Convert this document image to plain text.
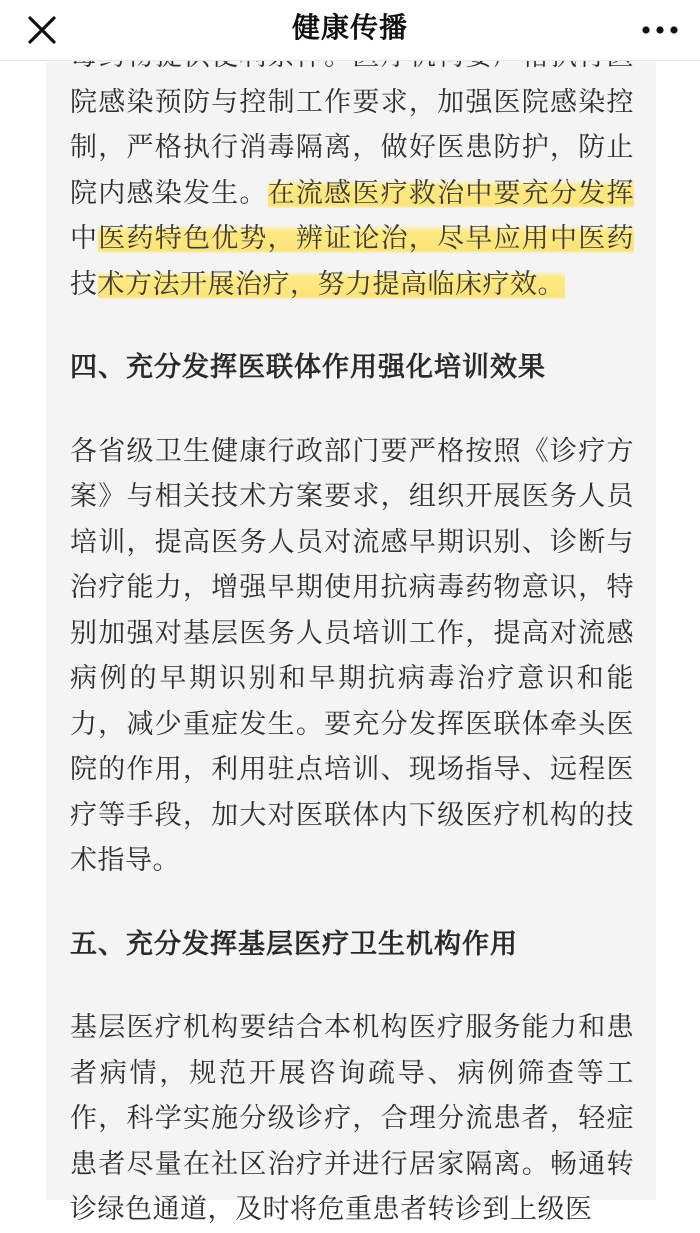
健康传播

院感染预防与控制工作要求，加强医院感染控制，严格执行消毒隔离，做好医患防护，防止院内感染发生。在流感医疗救治中要充分发挥中医药特色优势，辨证论治，尽早应用中医药技术方法开展治疗，努力提高临床疗效。

四、充分发挥医联体作用强化培训效果

各省级卫生健康行政部门要严格按照《诊疗方案》与相关技术方案要求，组织开展医务人员培训，提高医务人员对流感早期识别、诊断与治疗能力，增强早期使用抗病毒药物意识，特别加强对基层医务人员培训工作，提高对流感病例的早期识别和早期抗病毒治疗意识和能力，减少重症发生。要充分发挥医联体牵头医院的作用，利用驻点培训、现场指导、远程医疗等手段，加大对医联体内下级医疗机构的技术指导。

五、充分发挥基层医疗卫生机构作用

基层医疗机构要结合本机构医疗服务能力和患者病情，规范开展咨询疏导、病例筛查等工作，科学实施分级诊疗，合理分流患者，轻症患者尽量在社区治疗并进行居家隔离。畅通转诊绿色通道，及时将危重患者转诊到上级医
